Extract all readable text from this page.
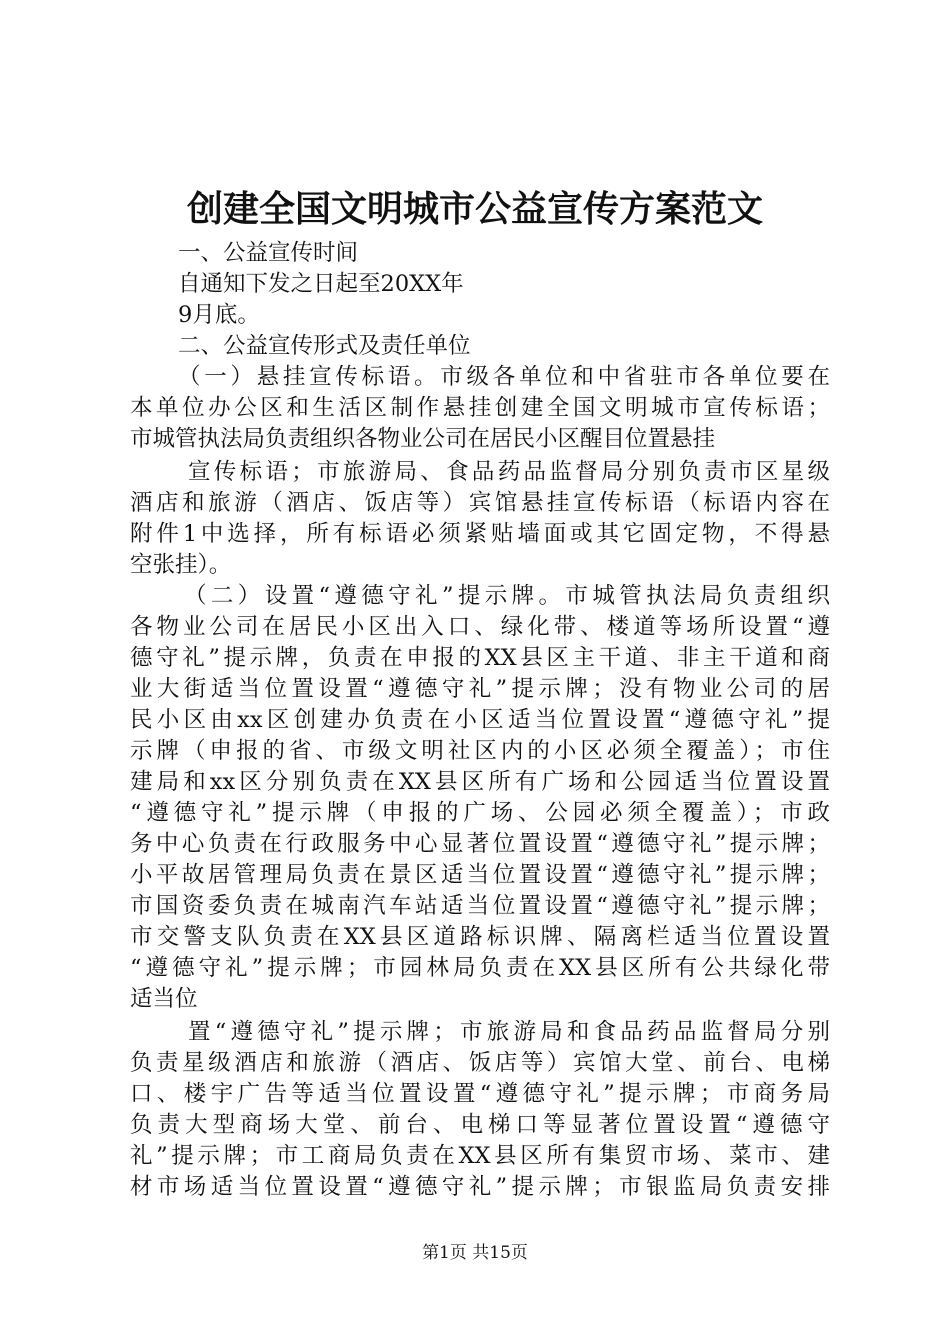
创建全国文明城市公益宣传方案范文
一、公益宣传时间
自通知下发之日起至20XX年
9月底。
二、公益宣传形式及责任单位
（一）悬挂宣传标语。市级各单位和中省驻市各单位要在
本单位办公区和生活区制作悬挂创建全国文明城市宣传标语；
市城管执法局负责组织各物业公司在居民小区醒目位置悬挂
宣传标语；市旅游局、食品药品监督局分别负责市区星级
酒店和旅游（酒店、饭店等）宾馆悬挂宣传标语（标语内容在
附件1中选择，所有标语必须紧贴墙面或其它固定物，不得悬
空张挂）。
（二）设置“遵德守礼”提示牌。市城管执法局负责组织
各物业公司在居民小区出入口、绿化带、楼道等场所设置“遵
德守礼”提示牌，负责在申报的XX县区主干道、非主干道和商
业大街适当位置设置“遵德守礼”提示牌；没有物业公司的居
民小区由xx区创建办负责在小区适当位置设置“遵德守礼”提
示牌（申报的省、市级文明社区内的小区必须全覆盖）；市住
建局和xx区分别负责在XX县区所有广场和公园适当位置设置
“遵德守礼”提示牌（申报的广场、公园必须全覆盖）；市政
务中心负责在行政服务中心显著位置设置“遵德守礼”提示牌；
小平故居管理局负责在景区适当位置设置“遵德守礼”提示牌；
市国资委负责在城南汽车站适当位置设置“遵德守礼”提示牌；
市交警支队负责在XX县区道路标识牌、隔离栏适当位置设置
“遵德守礼”提示牌；市园林局负责在XX县区所有公共绿化带
适当位
置“遵德守礼”提示牌；市旅游局和食品药品监督局分别
负责星级酒店和旅游（酒店、饭店等）宾馆大堂、前台、电梯
口、楼宇广告等适当位置设置“遵德守礼”提示牌；市商务局
负责大型商场大堂、前台、电梯口等显著位置设置“遵德守
礼”提示牌；市工商局负责在XX县区所有集贸市场、菜市、建
材市场适当位置设置“遵德守礼”提示牌；市银监局负责安排
第1页 共15页
